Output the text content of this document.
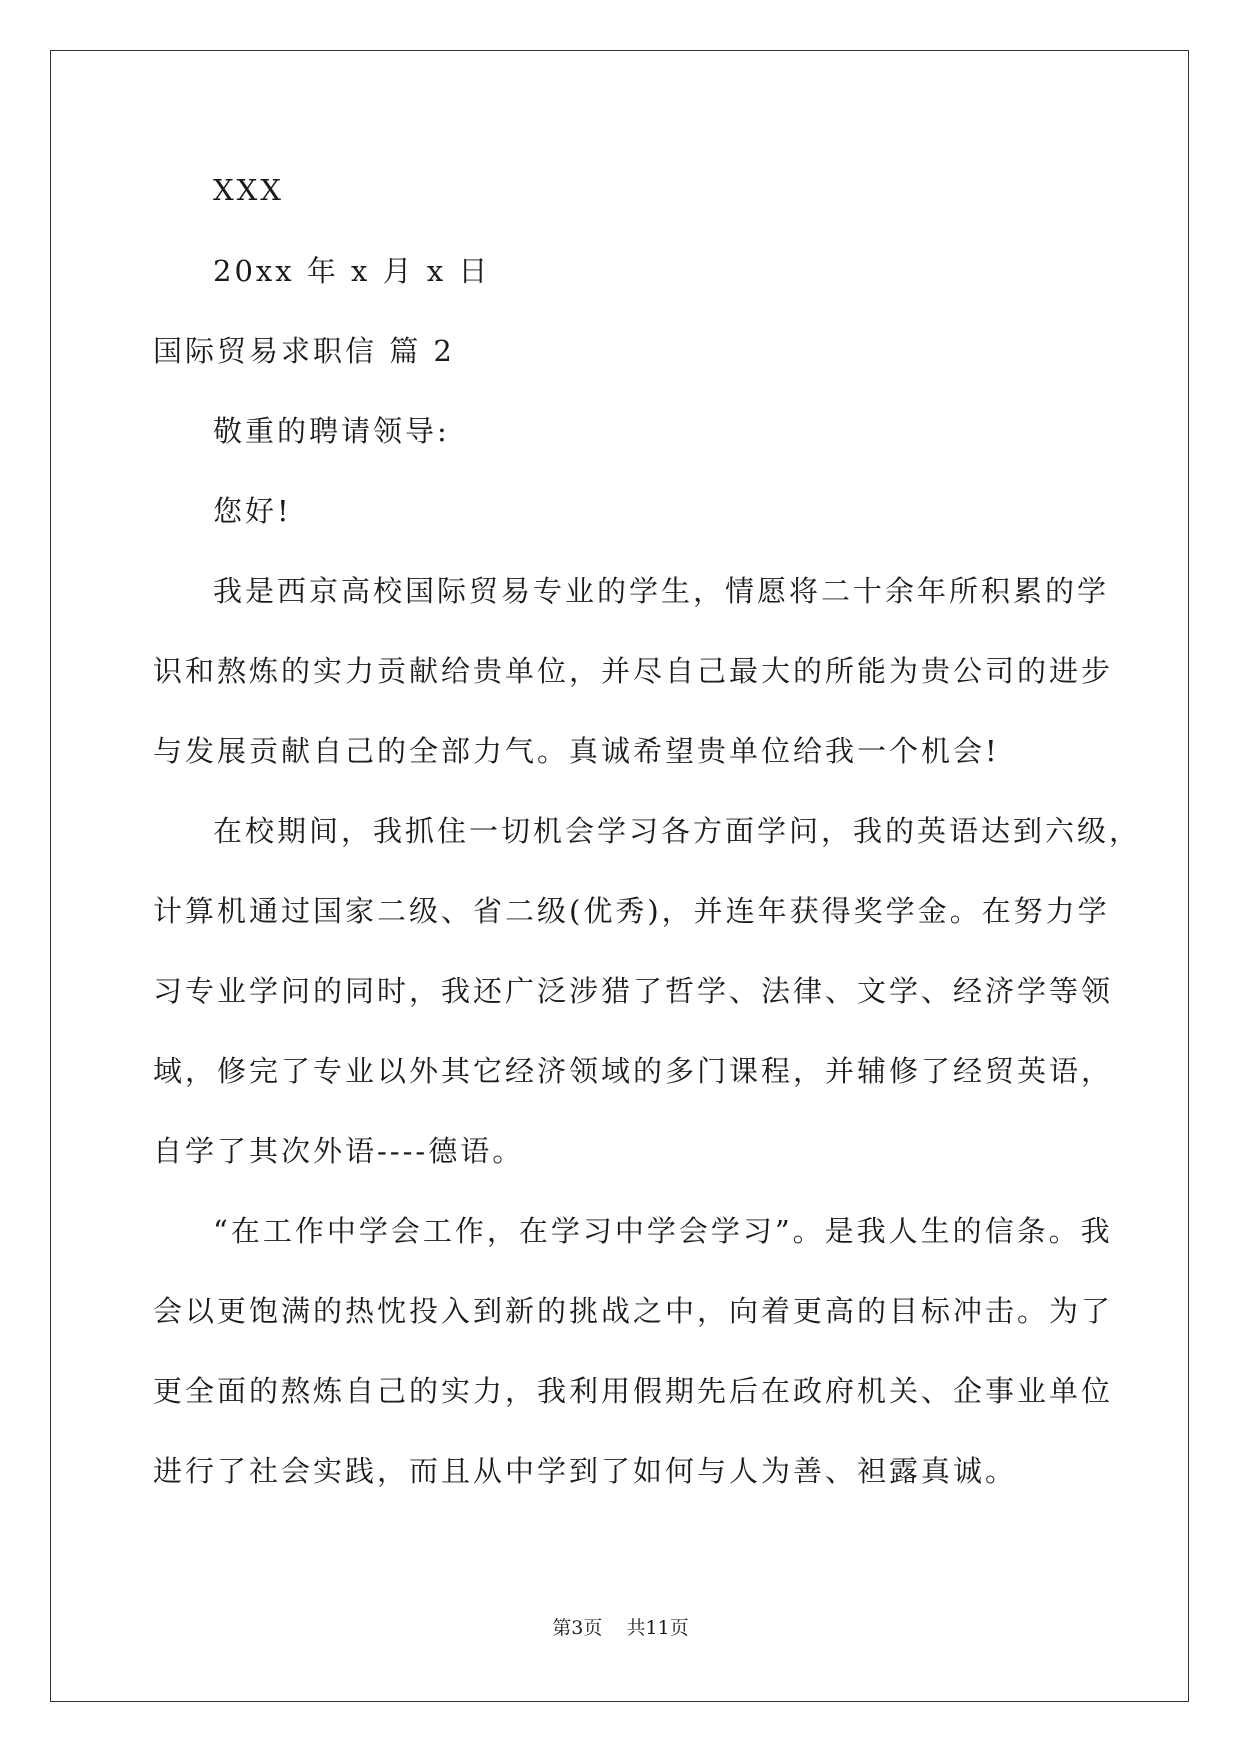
XXX
20xx 年 x 月 x 日
国际贸易求职信 篇 2
敬重的聘请领导:
您好!
我是西京高校国际贸易专业的学生，情愿将二十余年所积累的学
识和熬炼的实力贡献给贵单位，并尽自己最大的所能为贵公司的进步
与发展贡献自己的全部力气。真诚希望贵单位给我一个机会!
在校期间，我抓住一切机会学习各方面学问，我的英语达到六级，
计算机通过国家二级、省二级(优秀)，并连年获得奖学金。在努力学
习专业学问的同时，我还广泛涉猎了哲学、法律、文学、经济学等领
域，修完了专业以外其它经济领域的多门课程，并辅修了经贸英语，
自学了其次外语----德语。
“在工作中学会工作，在学习中学会学习”。是我人生的信条。我
会以更饱满的热忱投入到新的挑战之中，向着更高的目标冲击。为了
更全面的熬炼自己的实力，我利用假期先后在政府机关、企事业单位
进行了社会实践，而且从中学到了如何与人为善、袒露真诚。
第3页 共11页
